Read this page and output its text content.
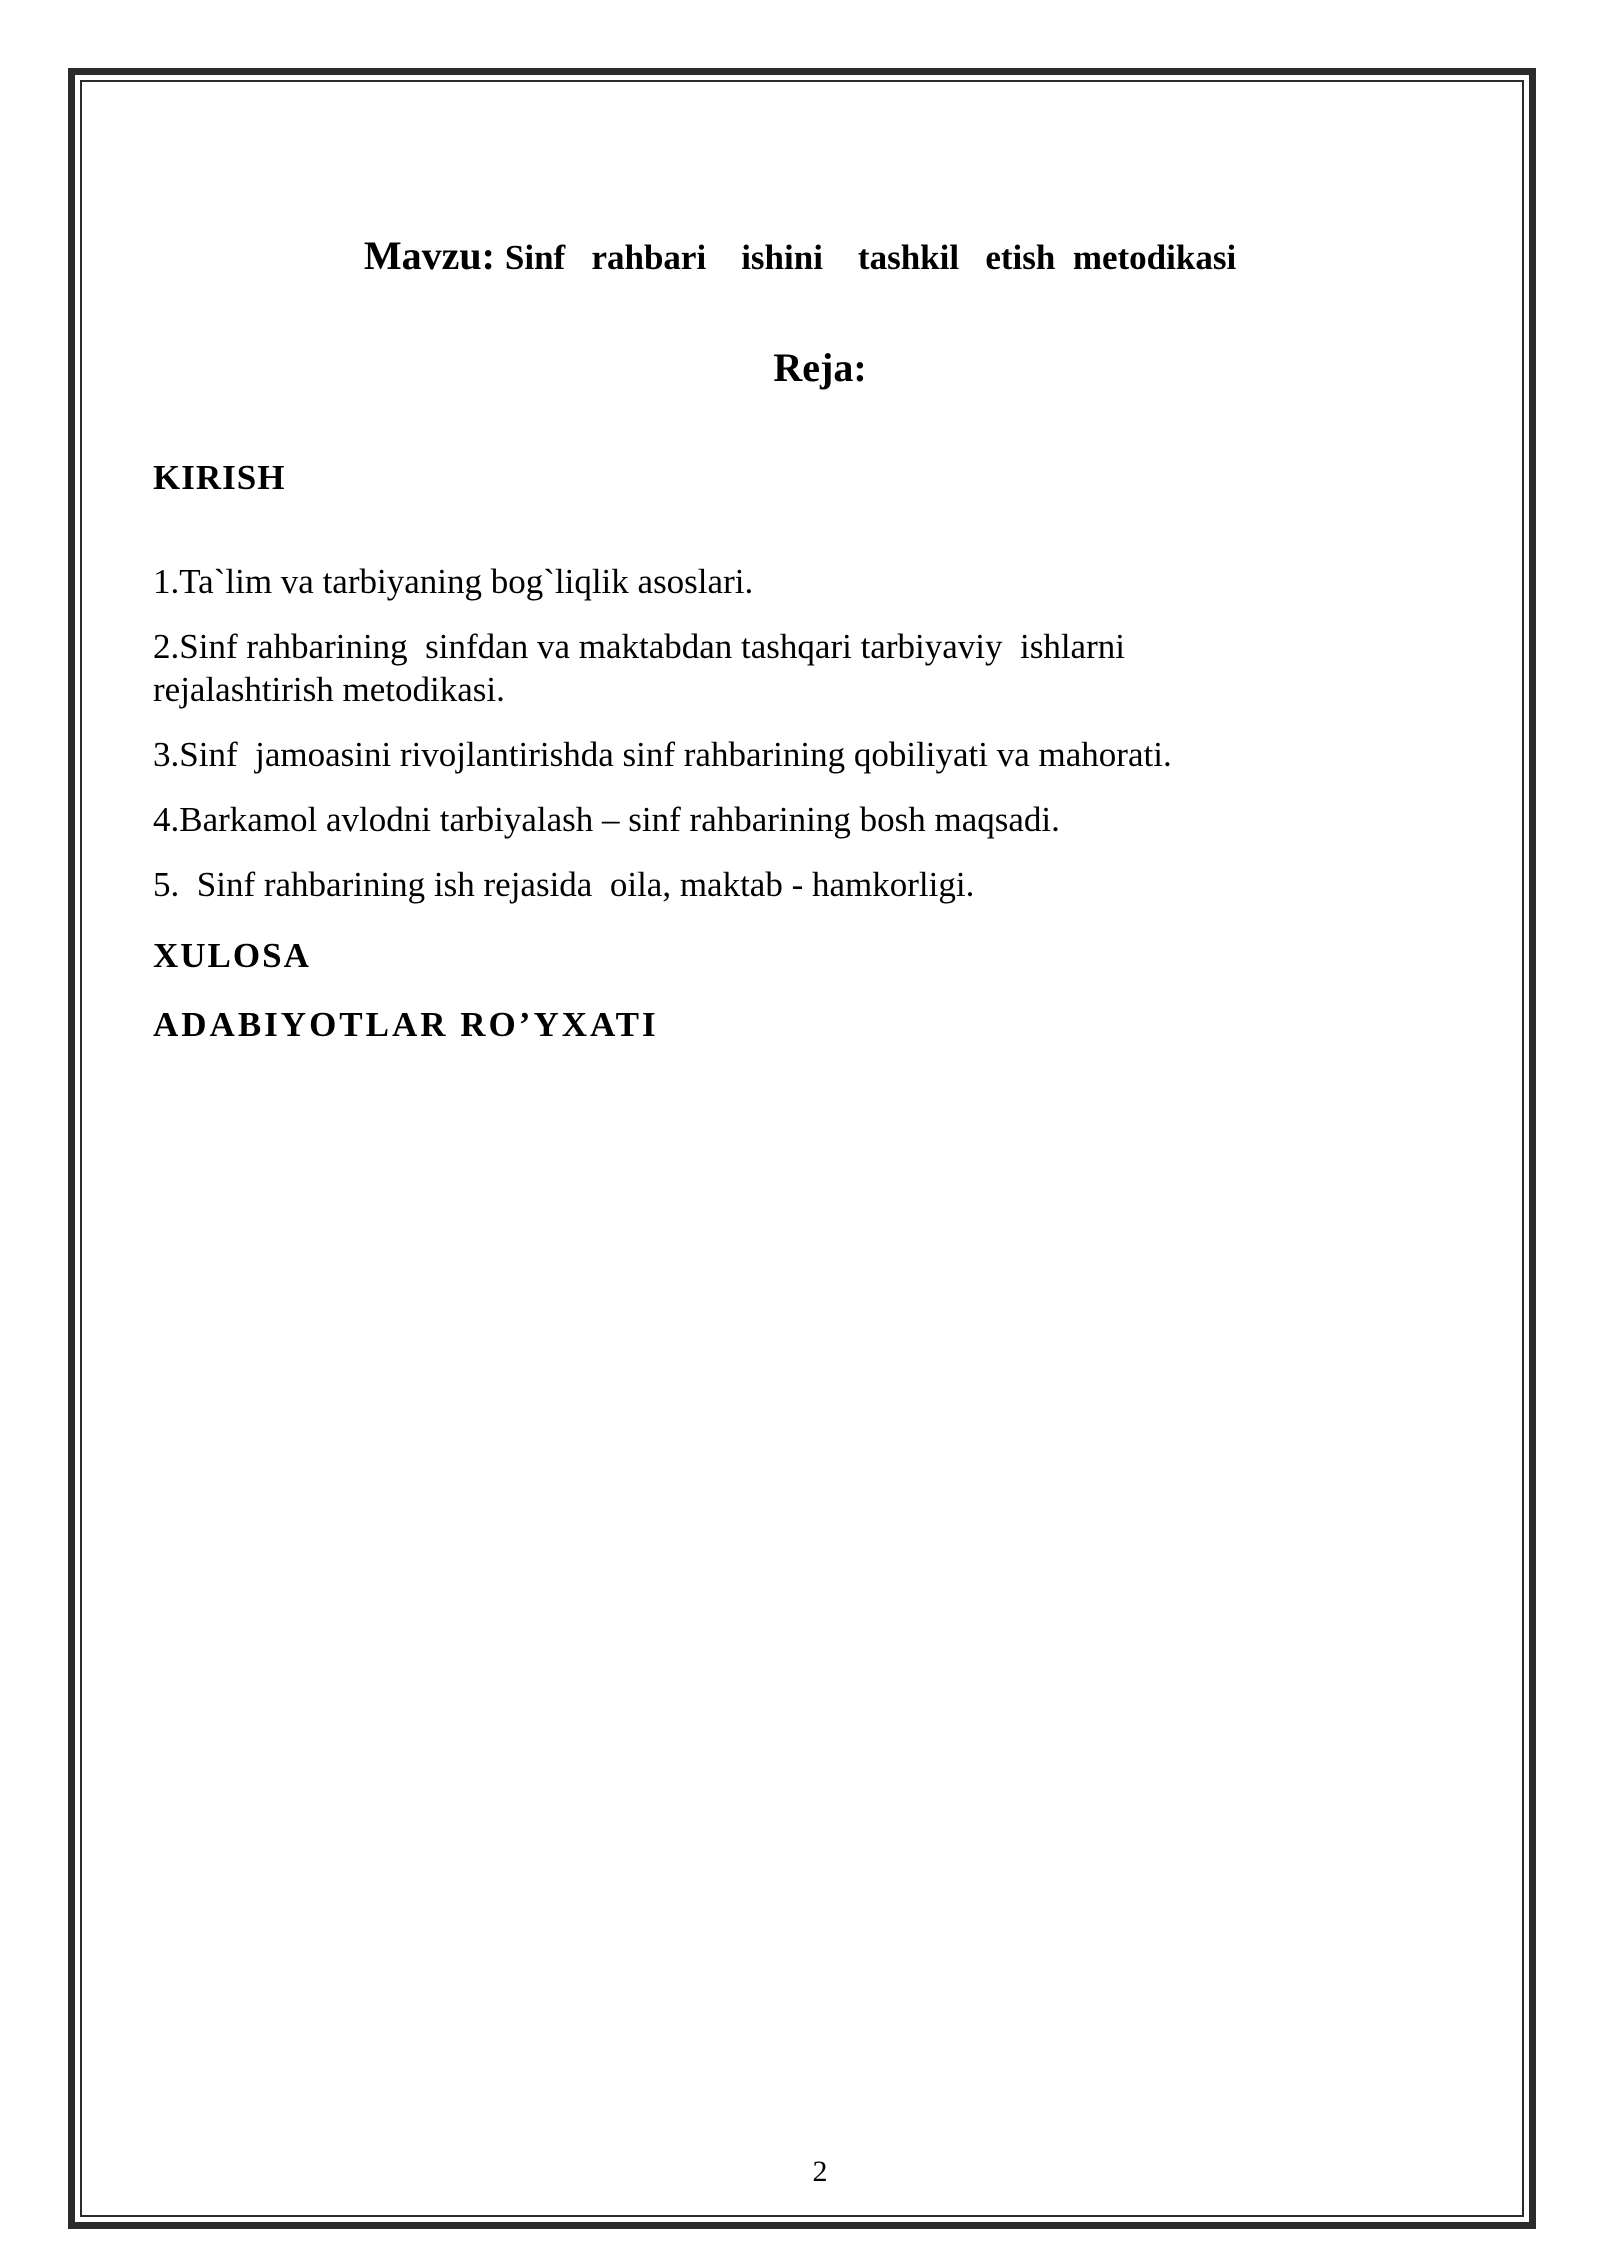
Mavzu: Sinf   rahbari    ishini    tashkil   etish  metodikasi
Reja:
KIRISH
1.Ta`lim va tarbiyaning bog`liqlik asoslari.
2.Sinf rahbarining  sinfdan va maktabdan tashqari tarbiyaviy  ishlarni rejalashtirish metodikasi.
3.Sinf  jamoasini rivojlantirishda sinf rahbarining qobiliyati va mahorati.
4.Barkamol avlodni tarbiyalash – sinf rahbarining bosh maqsadi.
5.  Sinf rahbarining ish rejasida  oila, maktab - hamkorligi.
XULOSA
ADABIYOTLAR RO’YXATI
2
